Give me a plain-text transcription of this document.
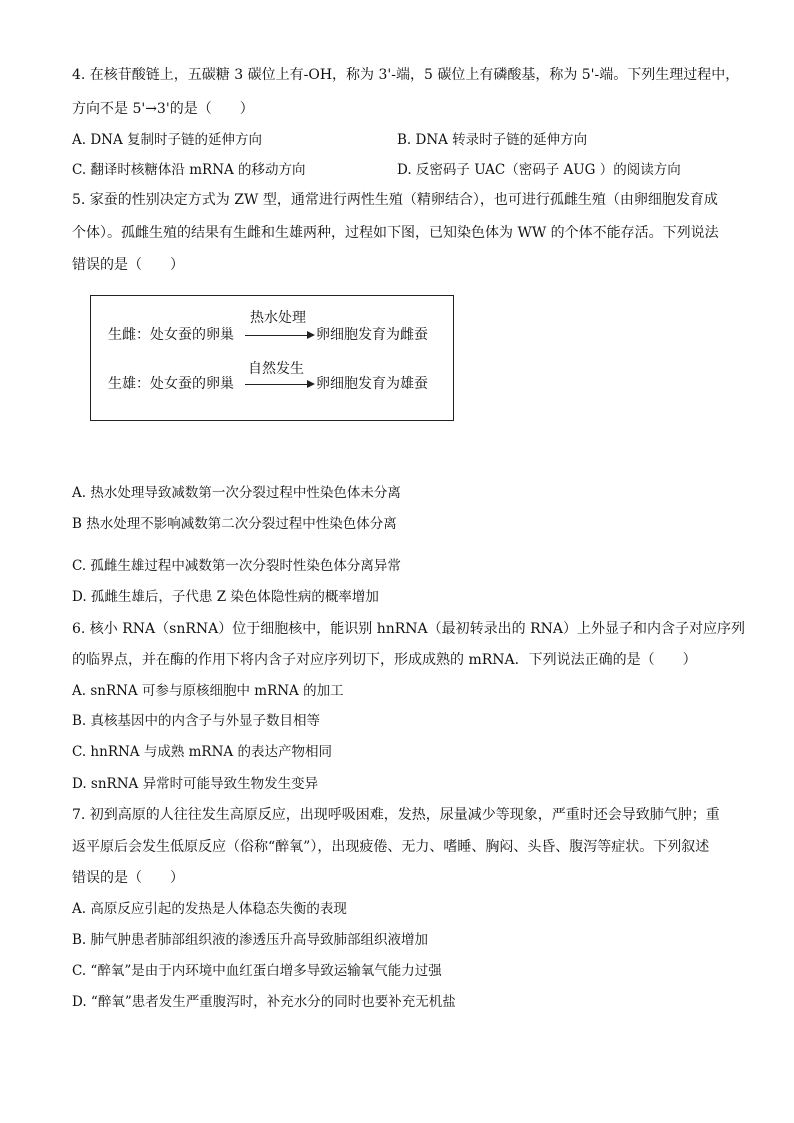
4. 在核苷酸链上，五碳糖 3 碳位上有-OH，称为 3'-端，5 碳位上有磷酸基，称为 5'-端。下列生理过程中，
方向不是 5'→3'的是（　　）
A. DNA 复制时子链的延伸方向	B. DNA 转录时子链的延伸方向
C. 翻译时核糖体沿 mRNA 的移动方向	D. 反密码子 UAC（密码子 AUG ）的阅读方向
5. 家蚕的性别决定方式为 ZW 型，通常进行两性生殖（精卵结合），也可进行孤雌生殖（由卵细胞发育成
个体）。孤雌生殖的结果有生雌和生雄两种，过程如下图，已知染色体为 WW 的个体不能存活。下列说法
错误的是（　　）
热水处理
生雌：处女蚕的卵巢	卵细胞发育为雌蚕
自然发生
生雄：处女蚕的卵巢	卵细胞发育为雄蚕
A. 热水处理导致减数第一次分裂过程中性染色体未分离
B 热水处理不影响减数第二次分裂过程中性染色体分离
C. 孤雌生雄过程中减数第一次分裂时性染色体分离异常
D. 孤雌生雄后，子代患 Z 染色体隐性病的概率增加
6. 核小 RNA（snRNA）位于细胞核中，能识别 hnRNA（最初转录出的 RNA）上外显子和内含子对应序列
的临界点，并在酶的作用下将内含子对应序列切下，形成成熟的 mRNA．下列说法正确的是（　　）
A. snRNA 可参与原核细胞中 mRNA 的加工
B. 真核基因中的内含子与外显子数目相等
C. hnRNA 与成熟 mRNA 的表达产物相同
D. snRNA 异常时可能导致生物发生变异
7. 初到高原的人往往发生高原反应，出现呼吸困难，发热，尿量减少等现象，严重时还会导致肺气肿；重
返平原后会发生低原反应（俗称“醉氧”），出现疲倦、无力、嗜睡、胸闷、头昏、腹泻等症状。下列叙述
错误的是（　　）
A. 高原反应引起的发热是人体稳态失衡的表现
B. 肺气肿患者肺部组织液的渗透压升高导致肺部组织液增加
C. “醉氧”是由于内环境中血红蛋白增多导致运输氧气能力过强
D. “醉氧”患者发生严重腹泻时，补充水分的同时也要补充无机盐
